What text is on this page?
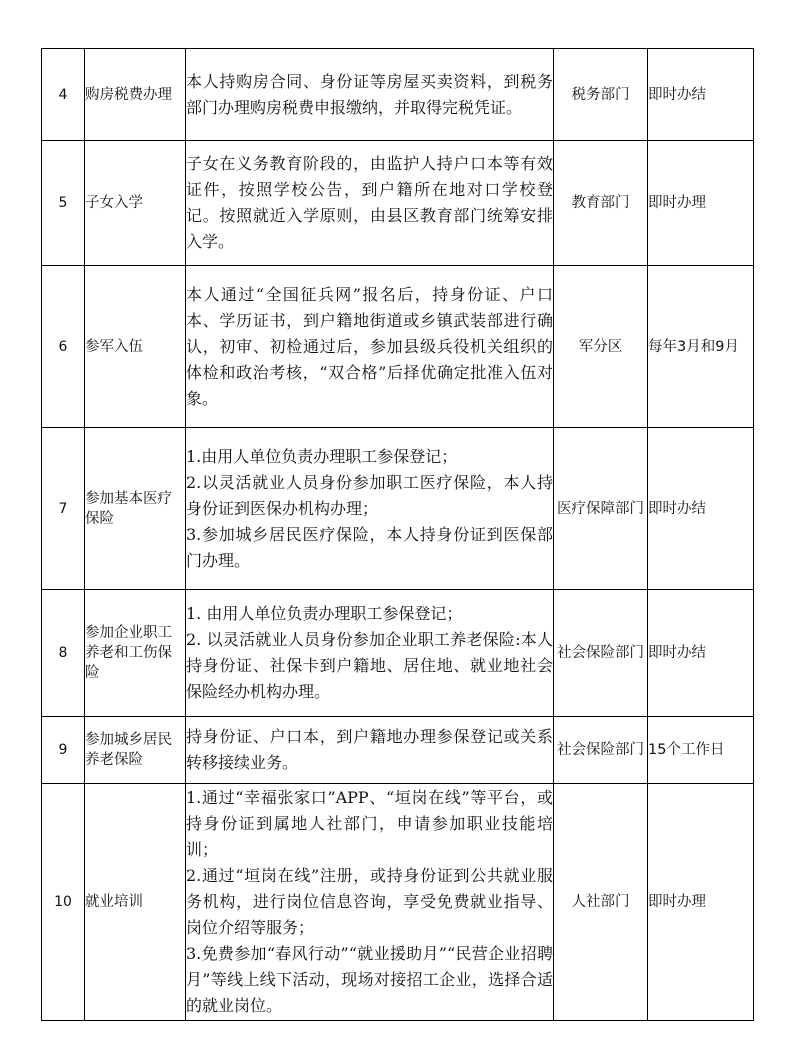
4	购房税费办理	本人持购房合同、身份证等房屋买卖资料，到税务部门办理购房税费申报缴纳，并取得完税凭证。	税务部门	即时办结
5	子女入学	子女在义务教育阶段的，由监护人持户口本等有效证件，按照学校公告，到户籍所在地对口学校登记。按照就近入学原则，由县区教育部门统筹安排入学。	教育部门	即时办理
6	参军入伍	本人通过“全国征兵网”报名后，持身份证、户口本、学历证书，到户籍地街道或乡镇武装部进行确认，初审、初检通过后，参加县级兵役机关组织的体检和政治考核，“双合格”后择优确定批准入伍对象。	军分区	每年3月和9月
7	参加基本医疗保险	1.由用人单位负责办理职工参保登记；
2.以灵活就业人员身份参加职工医疗保险，本人持身份证到医保办机构办理；
3.参加城乡居民医疗保险，本人持身份证到医保部门办理。	医疗保障部门	即时办结
8	参加企业职工养老和工伤保险	1. 由用人单位负责办理职工参保登记；
2. 以灵活就业人员身份参加企业职工养老保险:本人持身份证、社保卡到户籍地、居住地、就业地社会保险经办机构办理。	社会保险部门	即时办结
9	参加城乡居民养老保险	持身份证、户口本，到户籍地办理参保登记或关系转移接续业务。	社会保险部门	15个工作日
10	就业培训	1.通过“幸福张家口”APP、“垣岗在线”等平台，或持身份证到属地人社部门，申请参加职业技能培训；
2.通过“垣岗在线”注册，或持身份证到公共就业服务机构，进行岗位信息咨询，享受免费就业指导、岗位介绍等服务；
3.免费参加“春风行动”“就业援助月”“民营企业招聘月”等线上线下活动，现场对接招工企业，选择合适的就业岗位。	人社部门	即时办理
